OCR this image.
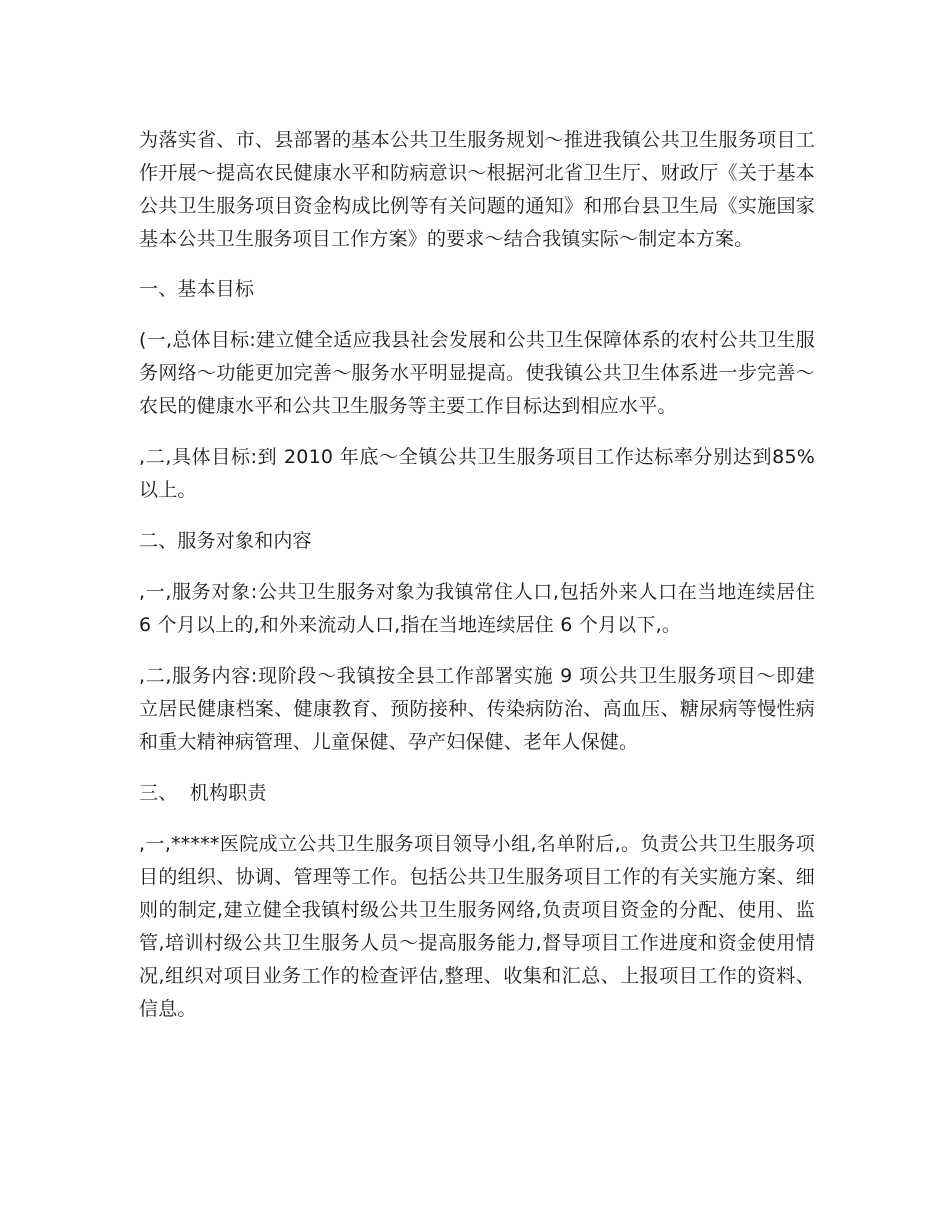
为落实省、市、县部署的基本公共卫生服务规划～推进我镇公共卫生服务项目工作开展～提高农民健康水平和防病意识～根据河北省卫生厅、财政厅《关于基本公共卫生服务项目资金构成比例等有关问题的通知》和邢台县卫生局《实施国家基本公共卫生服务项目工作方案》的要求～结合我镇实际～制定本方案。

一、基本目标

(一,总体目标:建立健全适应我县社会发展和公共卫生保障体系的农村公共卫生服务网络～功能更加完善～服务水平明显提高。使我镇公共卫生体系进一步完善～农民的健康水平和公共卫生服务等主要工作目标达到相应水平。

,二,具体目标:到 2010 年底～全镇公共卫生服务项目工作达标率分别达到85%以上。

二、服务对象和内容

,一,服务对象:公共卫生服务对象为我镇常住人口,包括外来人口在当地连续居住 6 个月以上的,和外来流动人口,指在当地连续居住 6 个月以下,。

,二,服务内容:现阶段～我镇按全县工作部署实施 9 项公共卫生服务项目～即建立居民健康档案、健康教育、预防接种、传染病防治、高血压、糖尿病等慢性病和重大精神病管理、儿童保健、孕产妇保健、老年人保健。

三、  机构职责

,一,*****医院成立公共卫生服务项目领导小组,名单附后,。负责公共卫生服务项目的组织、协调、管理等工作。包括公共卫生服务项目工作的有关实施方案、细则的制定,建立健全我镇村级公共卫生服务网络,负责项目资金的分配、使用、监管,培训村级公共卫生服务人员～提高服务能力,督导项目工作进度和资金使用情况,组织对项目业务工作的检查评估,整理、收集和汇总、上报项目工作的资料、信息。
